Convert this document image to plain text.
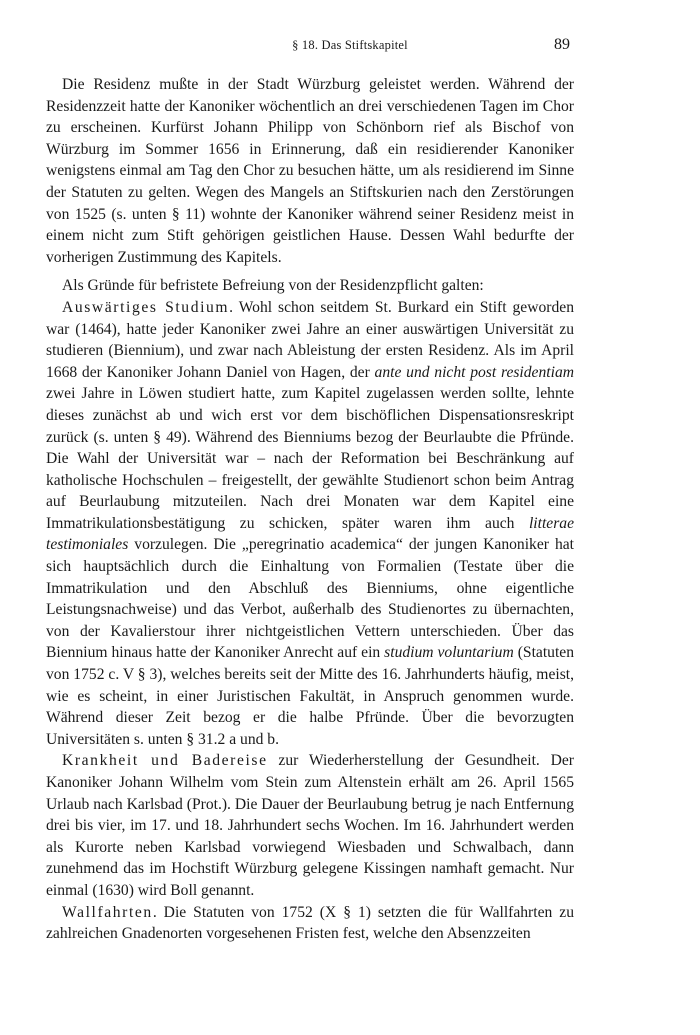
§ 18. Das Stiftskapitel	89

Die Residenz mußte in der Stadt Würzburg geleistet werden. Während der Residenzzeit hatte der Kanoniker wöchentlich an drei verschiedenen Tagen im Chor zu erscheinen. Kurfürst Johann Philipp von Schönborn rief als Bischof von Würzburg im Sommer 1656 in Erinnerung, daß ein residierender Kanoniker wenigstens einmal am Tag den Chor zu besuchen hätte, um als residierend im Sinne der Statuten zu gelten. Wegen des Mangels an Stiftskurien nach den Zerstörungen von 1525 (s. unten § 11) wohnte der Kanoniker während seiner Residenz meist in einem nicht zum Stift gehörigen geistlichen Hause. Dessen Wahl bedurfte der vorherigen Zustimmung des Kapitels.

Als Gründe für befristete Befreiung von der Residenzpflicht galten:

Auswärtiges Studium. Wohl schon seitdem St. Burkard ein Stift geworden war (1464), hatte jeder Kanoniker zwei Jahre an einer auswärtigen Universität zu studieren (Biennium), und zwar nach Ableistung der ersten Residenz. Als im April 1668 der Kanoniker Johann Daniel von Hagen, der ante und nicht post residentiam zwei Jahre in Löwen studiert hatte, zum Kapitel zugelassen werden sollte, lehnte dieses zunächst ab und wich erst vor dem bischöflichen Dispensationsreskript zurück (s. unten § 49). Während des Bienniums bezog der Beurlaubte die Pfründe. Die Wahl der Universität war – nach der Reformation bei Beschränkung auf katholische Hochschulen – freigestellt, der gewählte Studienort schon beim Antrag auf Beurlaubung mitzuteilen. Nach drei Monaten war dem Kapitel eine Immatrikulationsbestätigung zu schicken, später waren ihm auch litterae testimoniales vorzulegen. Die „peregrinatio academica“ der jungen Kanoniker hat sich hauptsächlich durch die Einhaltung von Formalien (Testate über die Immatrikulation und den Abschluß des Bienniums, ohne eigentliche Leistungsnachweise) und das Verbot, außerhalb des Studienortes zu übernachten, von der Kavalierstour ihrer nichtgeistlichen Vettern unterschieden. Über das Biennium hinaus hatte der Kanoniker Anrecht auf ein studium voluntarium (Statuten von 1752 c. V § 3), welches bereits seit der Mitte des 16. Jahrhunderts häufig, meist, wie es scheint, in einer Juristischen Fakultät, in Anspruch genommen wurde. Während dieser Zeit bezog er die halbe Pfründe. Über die bevorzugten Universitäten s. unten § 31.2 a und b.

Krankheit und Badereise zur Wiederherstellung der Gesundheit. Der Kanoniker Johann Wilhelm vom Stein zum Altenstein erhält am 26. April 1565 Urlaub nach Karlsbad (Prot.). Die Dauer der Beurlaubung betrug je nach Entfernung drei bis vier, im 17. und 18. Jahrhundert sechs Wochen. Im 16. Jahrhundert werden als Kurorte neben Karlsbad vorwiegend Wiesbaden und Schwalbach, dann zunehmend das im Hochstift Würzburg gelegene Kissingen namhaft gemacht. Nur einmal (1630) wird Boll genannt.

Wallfahrten. Die Statuten von 1752 (X § 1) setzten die für Wallfahrten zu zahlreichen Gnadenorten vorgesehenen Fristen fest, welche den Absenzzeiten
